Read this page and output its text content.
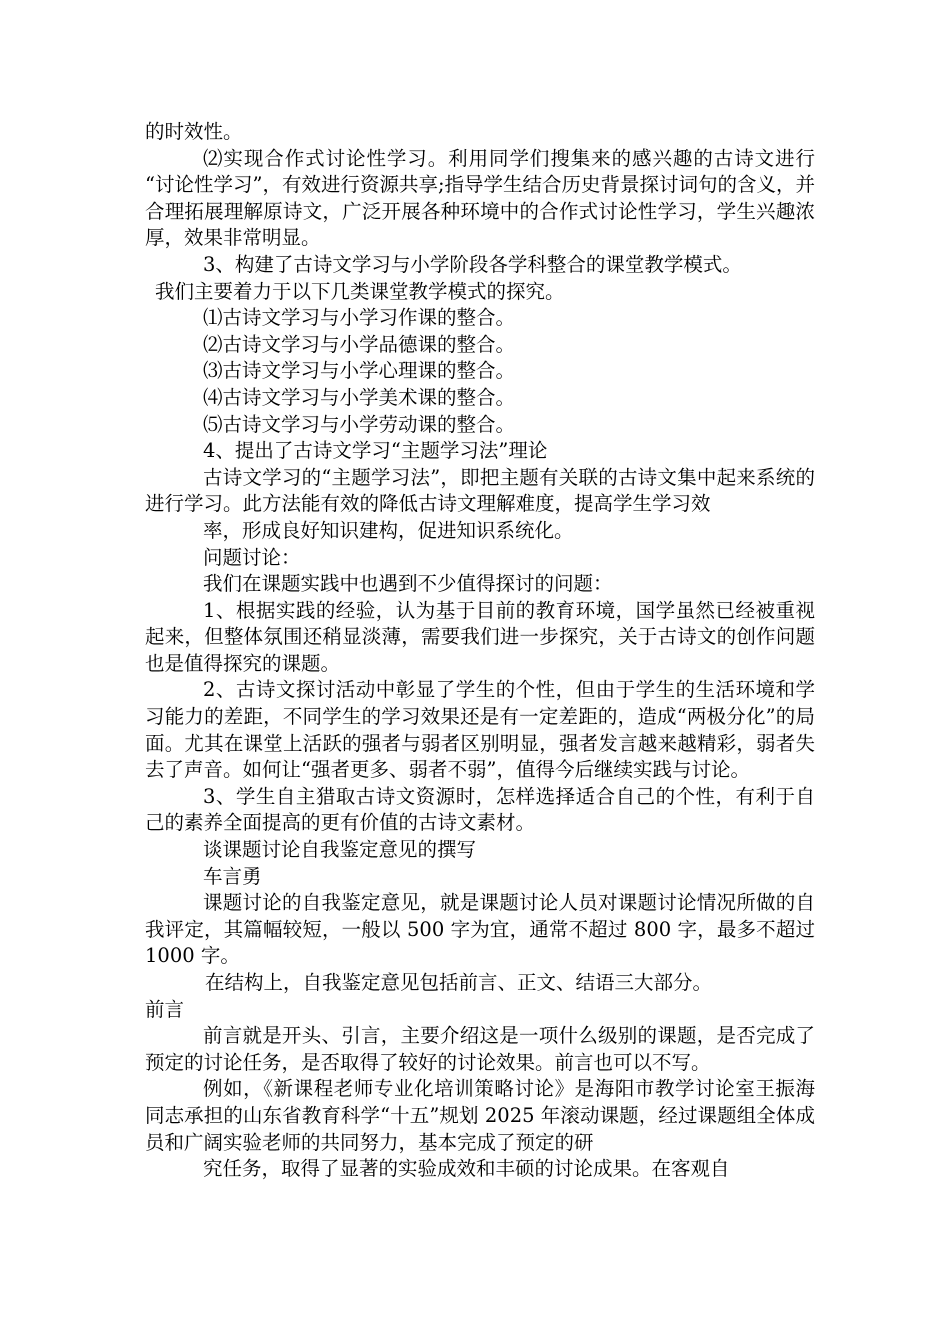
的时效性。

⑵实现合作式讨论性学习。利用同学们搜集来的感兴趣的古诗文进行  “讨论性学习”，有效进行资源共享;指导学生结合历史背景探讨词句的含义，并合理拓展理解原诗文，广泛开展各种环境中的合作式讨论性学习，学生兴趣浓厚，效果非常明显。

3、构建了古诗文学习与小学阶段各学科整合的课堂教学模式。

我们主要着力于以下几类课堂教学模式的探究。

⑴古诗文学习与小学习作课的整合。

⑵古诗文学习与小学品德课的整合。

⑶古诗文学习与小学心理课的整合。

⑷古诗文学习与小学美术课的整合。

⑸古诗文学习与小学劳动课的整合。

4、提出了古诗文学习“主题学习法”理论

古诗文学习的“主题学习法”，即把主题有关联的古诗文集中起来系统的进行学习。此方法能有效的降低古诗文理解难度，提高学生学习效

率，形成良好知识建构，促进知识系统化。

问题讨论：

我们在课题实践中也遇到不少值得探讨的问题：

1、根据实践的经验，认为基于目前的教育环境，国学虽然已经被重视起来，但整体氛围还稍显淡薄，需要我们进一步探究，关于古诗文的创作问题也是值得探究的课题。

2、古诗文探讨活动中彰显了学生的个性，但由于学生的生活环境和学习能力的差距，不同学生的学习效果还是有一定差距的，造成“两极分化”的局面。尤其在课堂上活跃的强者与弱者区别明显，强者发言越来越精彩，弱者失去了声音。如何让“强者更多、弱者不弱”，值得今后继续实践与讨论。

3、学生自主猎取古诗文资源时，怎样选择适合自己的个性，有利于自己的素养全面提高的更有价值的古诗文素材。

谈课题讨论自我鉴定意见的撰写

车言勇

课题讨论的自我鉴定意见，就是课题讨论人员对课题讨论情况所做的自我评定，其篇幅较短，一般以 500 字为宜，通常不超过 800 字，最多不超过 1000 字。

在结构上，自我鉴定意见包括前言、正文、结语三大部分。

前言

前言就是开头、引言，主要介绍这是一项什么级别的课题，是否完成了预定的讨论任务，是否取得了较好的讨论效果。前言也可以不写。

例如，《新课程老师专业化培训策略讨论》是海阳市教学讨论室王振海同志承担的山东省教育科学“十五”规划 2025 年滚动课题，经过课题组全体成员和广阔实验老师的共同努力，基本完成了预定的研

究任务，取得了显著的实验成效和丰硕的讨论成果。在客观自
